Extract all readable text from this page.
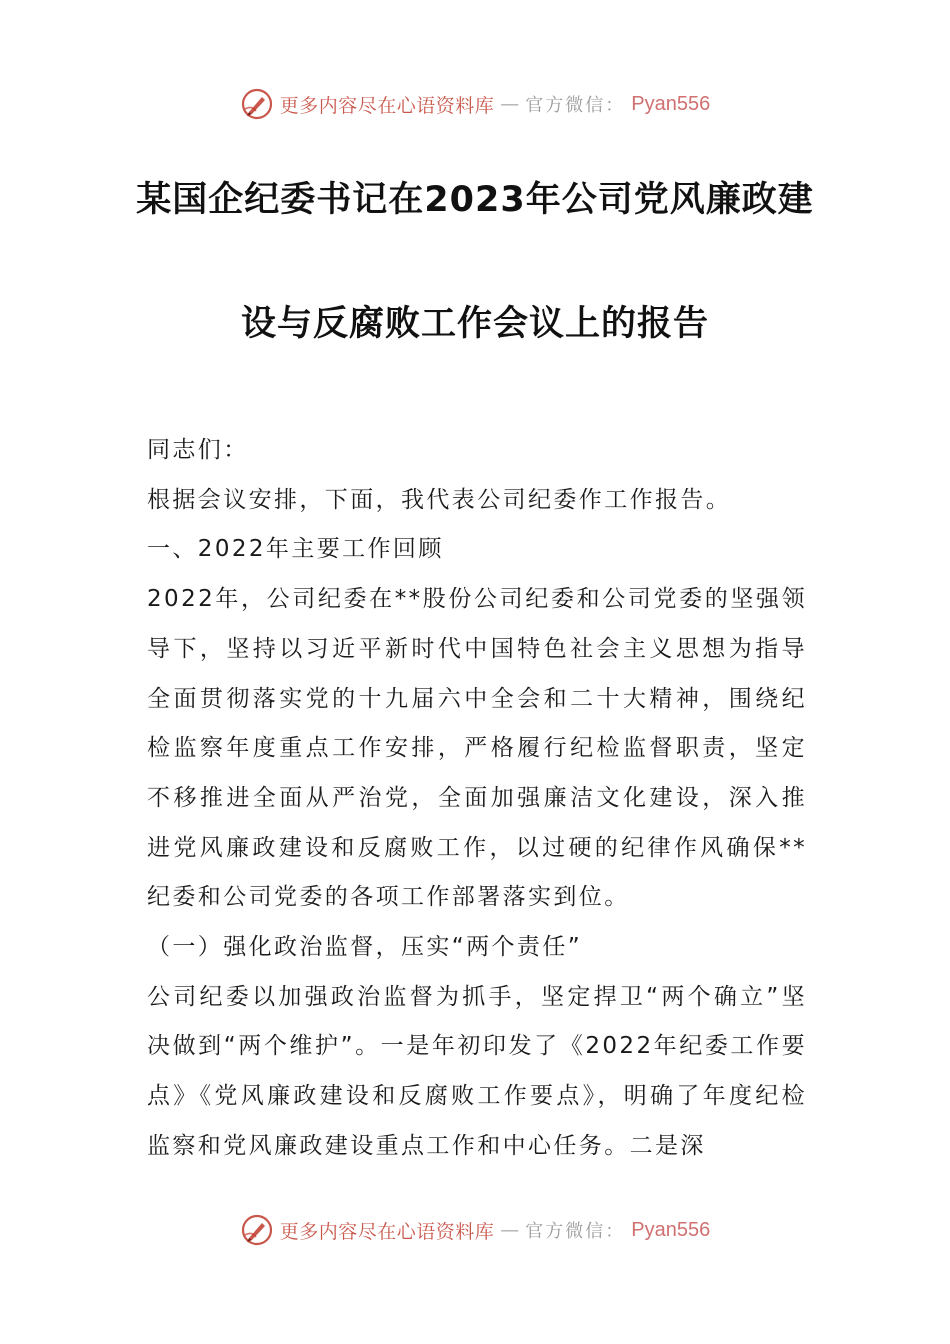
更多内容尽在心语资料库 — 官方微信： Pyan556
某国企纪委书记在2023年公司党风廉政建
设与反腐败工作会议上的报告

同志们：

根据会议安排，下面，我代表公司纪委作工作报告。

一、2022年主要工作回顾

2022年，公司纪委在**股份公司纪委和公司党委的坚强领导下，坚持以习近平新时代中国特色社会主义思想为指导全面贯彻落实党的十九届六中全会和二十大精神，围绕纪检监察年度重点工作安排，严格履行纪检监督职责，坚定不移推进全面从严治党，全面加强廉洁文化建设，深入推进党风廉政建设和反腐败工作，以过硬的纪律作风确保**纪委和公司党委的各项工作部署落实到位。

（一）强化政治监督，压实“两个责任”

公司纪委以加强政治监督为抓手，坚定捍卫“两个确立”坚决做到“两个维护”。一是年初印发了《2022年纪委工作要点》《党风廉政建设和反腐败工作要点》，明确了年度纪检监察和党风廉政建设重点工作和中心任务。二是深

更多内容尽在心语资料库 — 官方微信： Pyan556
